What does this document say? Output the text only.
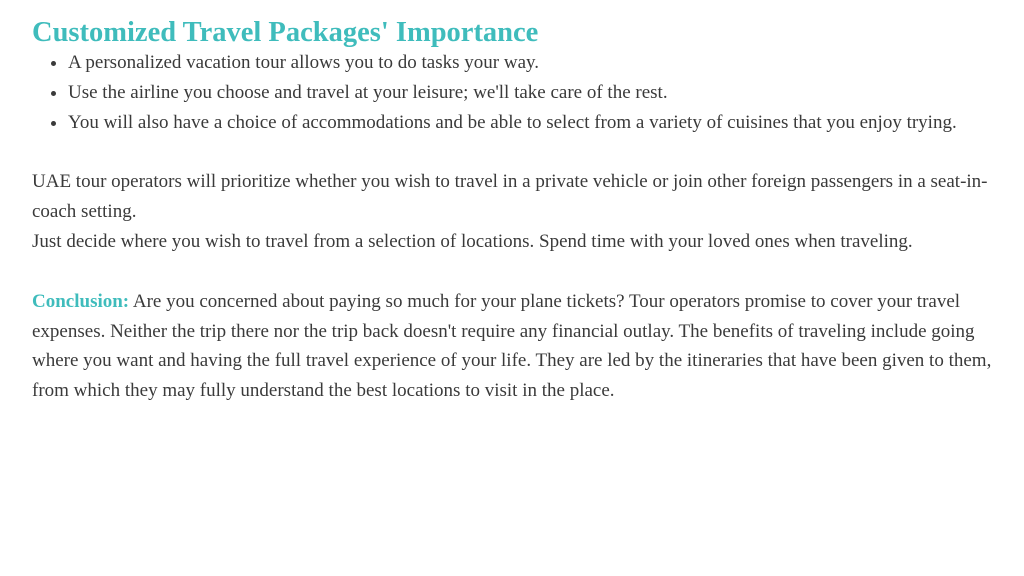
Customized Travel Packages' Importance
• A personalized vacation tour allows you to do tasks your way.
• Use the airline you choose and travel at your leisure; we'll take care of the rest.
• You will also have a choice of accommodations and be able to select from a variety of cuisines that you enjoy trying.

UAE tour operators will prioritize whether you wish to travel in a private vehicle or join other foreign passengers in a seat-in-coach setting.

Just decide where you wish to travel from a selection of locations. Spend time with your loved ones when traveling.

Conclusion: Are you concerned about paying so much for your plane tickets? Tour operators promise to cover your travel expenses. Neither the trip there nor the trip back doesn't require any financial outlay. The benefits of traveling include going where you want and having the full travel experience of your life. They are led by the itineraries that have been given to them, from which they may fully understand the best locations to visit in the place.
